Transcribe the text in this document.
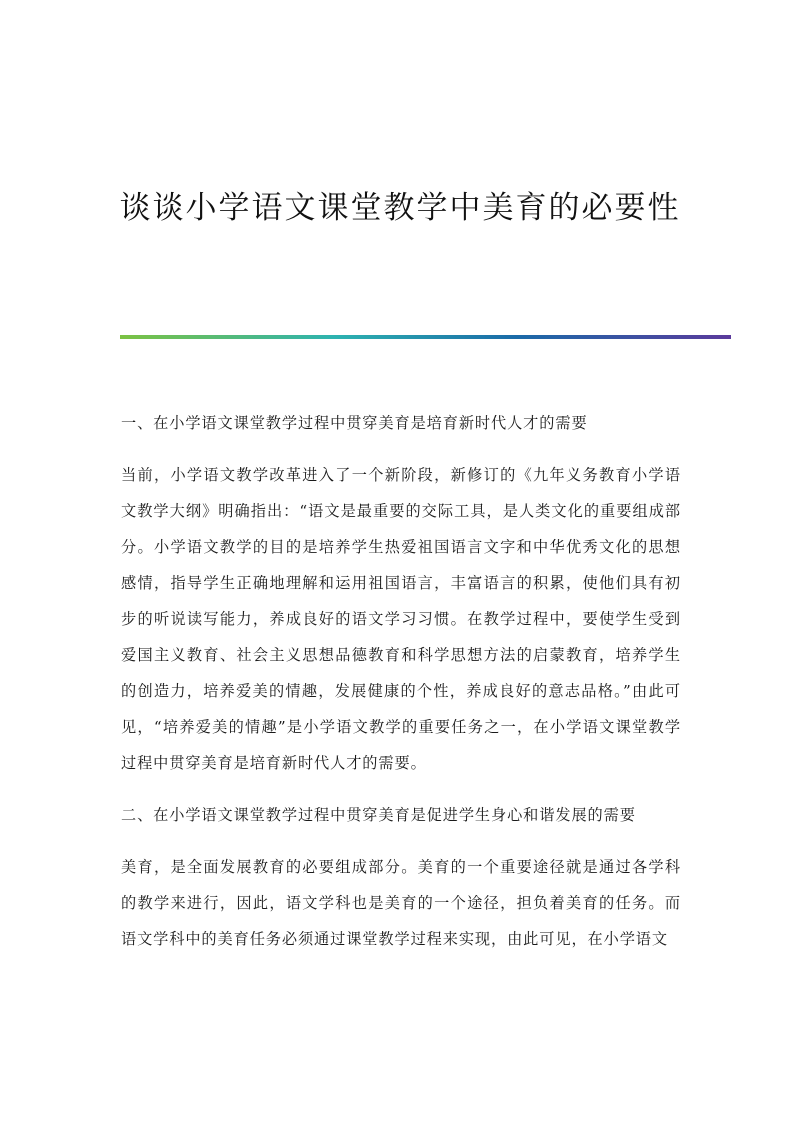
谈谈小学语文课堂教学中美育的必要性

一、在小学语文课堂教学过程中贯穿美育是培育新时代人才的需要

当前，小学语文教学改革进入了一个新阶段，新修订的《九年义务教育小学语文教学大纲》明确指出：“语文是最重要的交际工具，是人类文化的重要组成部分。小学语文教学的目的是培养学生热爱祖国语言文字和中华优秀文化的思想感情，指导学生正确地理解和运用祖国语言，丰富语言的积累，使他们具有初步的听说读写能力，养成良好的语文学习习惯。在教学过程中，要使学生受到爱国主义教育、社会主义思想品德教育和科学思想方法的启蒙教育，培养学生的创造力，培养爱美的情趣，发展健康的个性，养成良好的意志品格。”由此可见，“培养爱美的情趣”是小学语文教学的重要任务之一，在小学语文课堂教学过程中贯穿美育是培育新时代人才的需要。

二、在小学语文课堂教学过程中贯穿美育是促进学生身心和谐发展的需要

美育，是全面发展教育的必要组成部分。美育的一个重要途径就是通过各学科的教学来进行，因此，语文学科也是美育的一个途径，担负着美育的任务。而语文学科中的美育任务必须通过课堂教学过程来实现，由此可见，在小学语文
